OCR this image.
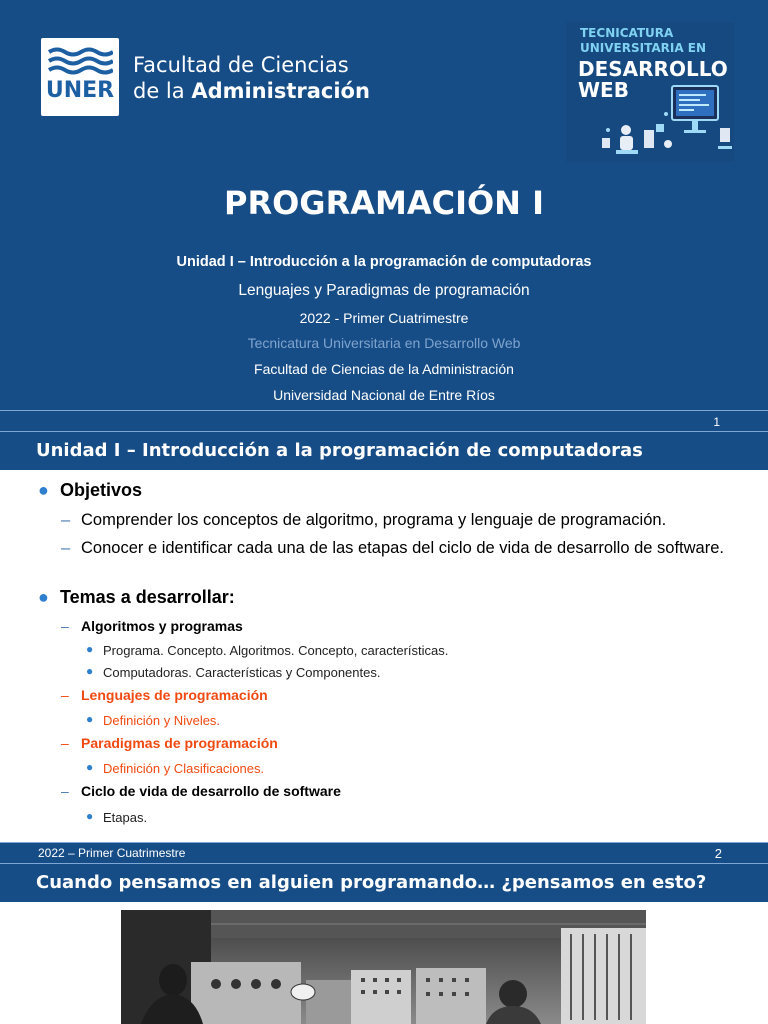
UNER
Facultad de Ciencias
de la Administración
TECNICATURA
UNIVERSITARIA EN
DESARROLLO
WEB
PROGRAMACIÓN I
Unidad I – Introducción a la programación de computadoras
Lenguajes y Paradigmas de programación
2022 - Primer Cuatrimestre
Tecnicatura Universitaria en Desarrollo Web
Facultad de Ciencias de la Administración
Universidad Nacional de Entre Ríos
1
Unidad I – Introducción a la programación de computadoras
● Objetivos
– Comprender los conceptos de algoritmo, programa y lenguaje de programación.
– Conocer e identificar cada una de las etapas del ciclo de vida de desarrollo de software.
● Temas a desarrollar:
– Algoritmos y programas
● Programa. Concepto. Algoritmos. Concepto, características.
● Computadoras. Características y Componentes.
– Lenguajes de programación
● Definición y Niveles.
– Paradigmas de programación
● Definición y Clasificaciones.
– Ciclo de vida de desarrollo de software
● Etapas.
2022 – Primer Cuatrimestre	2
Cuando pensamos en alguien programando… ¿pensamos en esto?
